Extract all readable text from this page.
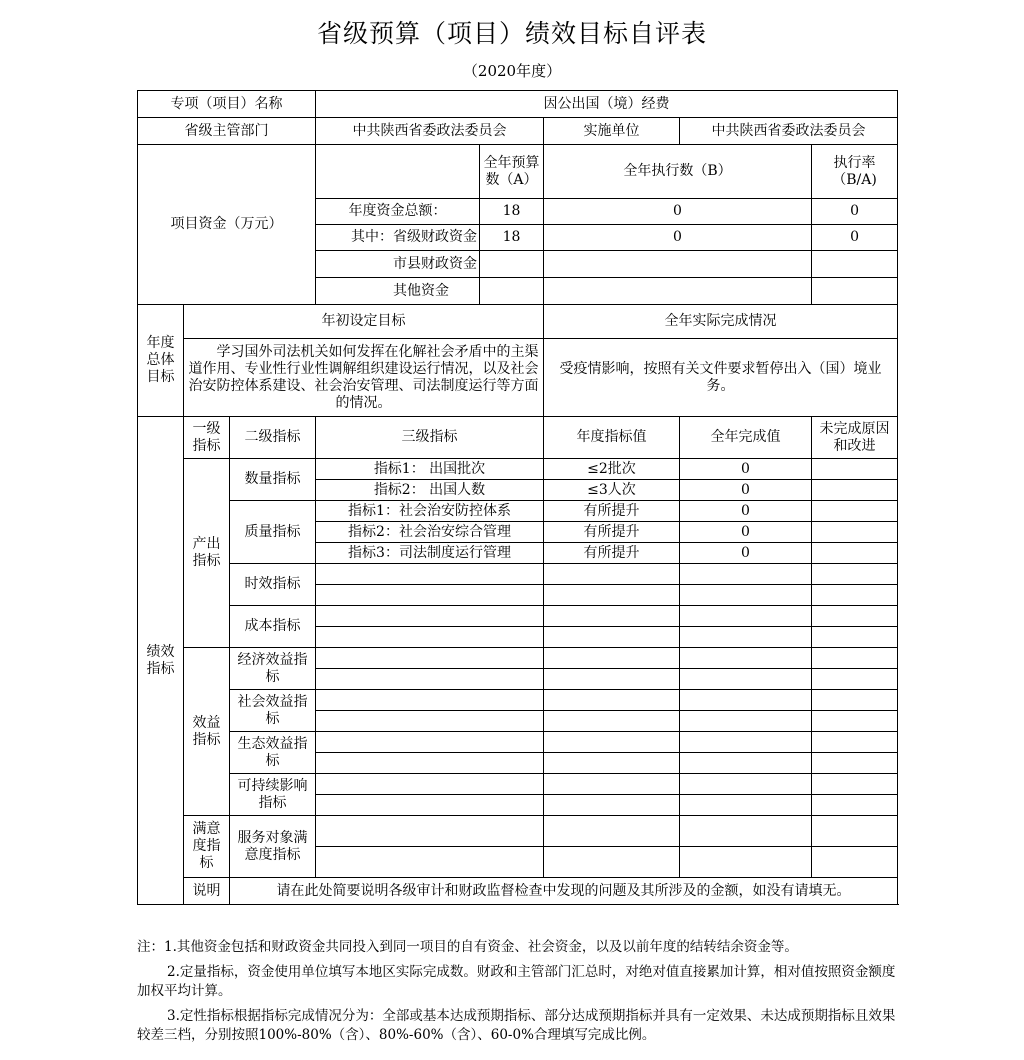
省级预算（项目）绩效目标自评表
（2020年度）
专项（项目）名称			因公出国（境）经费				
省级主管部门			中共陕西省委政法委员会		实施单位	中共陕西省委政法委员会	
项目资金（万元）				全年预算数（A）	全年执行数（B）		执行率（B/A)
			年度资金总额：	18	0		0
			其中：省级财政资金	18	0		0
			市县财政资金				
			其他资金				
年度总体目标	年初设定目标				全年实际完成情况		
	学习国外司法机关如何发挥在化解社会矛盾中的主渠道作用、专业性行业性调解组织建设运行情况，以及社会治安防控体系建设、社会治安管理、司法制度运行等方面的情况。				受疫情影响，按照有关文件要求暂停出入（国）境业务。		
绩效指标	一级指标	二级指标	三级指标		年度指标值	全年完成值	未完成原因和改进
	产出指标	数量指标	指标1： 出国批次		≤2批次	0	
			指标2： 出国人数		≤3人次	0	
		质量指标	指标1：社会治安防控体系		有所提升	0	
			指标2：社会治安综合管理		有所提升	0	
			指标3：司法制度运行管理		有所提升	0	
		时效指标					

		成本指标					

	效益指标	经济效益指标					

		社会效益指标					

		生态效益指标					

		可持续影响指标					

	满意度指标	服务对象满意度指标					

	说明	请在此处简要说明各级审计和财政监督检查中发现的问题及其所涉及的金额，如没有请填无。					

注：1.其他资金包括和财政资金共同投入到同一项目的自有资金、社会资金，以及以前年度的结转结余资金等。

2.定量指标，资金使用单位填写本地区实际完成数。财政和主管部门汇总时，对绝对值直接累加计算，相对值按照资金额度加权平均计算。

3.定性指标根据指标完成情况分为：全部或基本达成预期指标、部分达成预期指标并具有一定效果、未达成预期指标且效果较差三档，分别按照100%-80%（含）、80%-60%（含）、60-0%合理填写完成比例。
